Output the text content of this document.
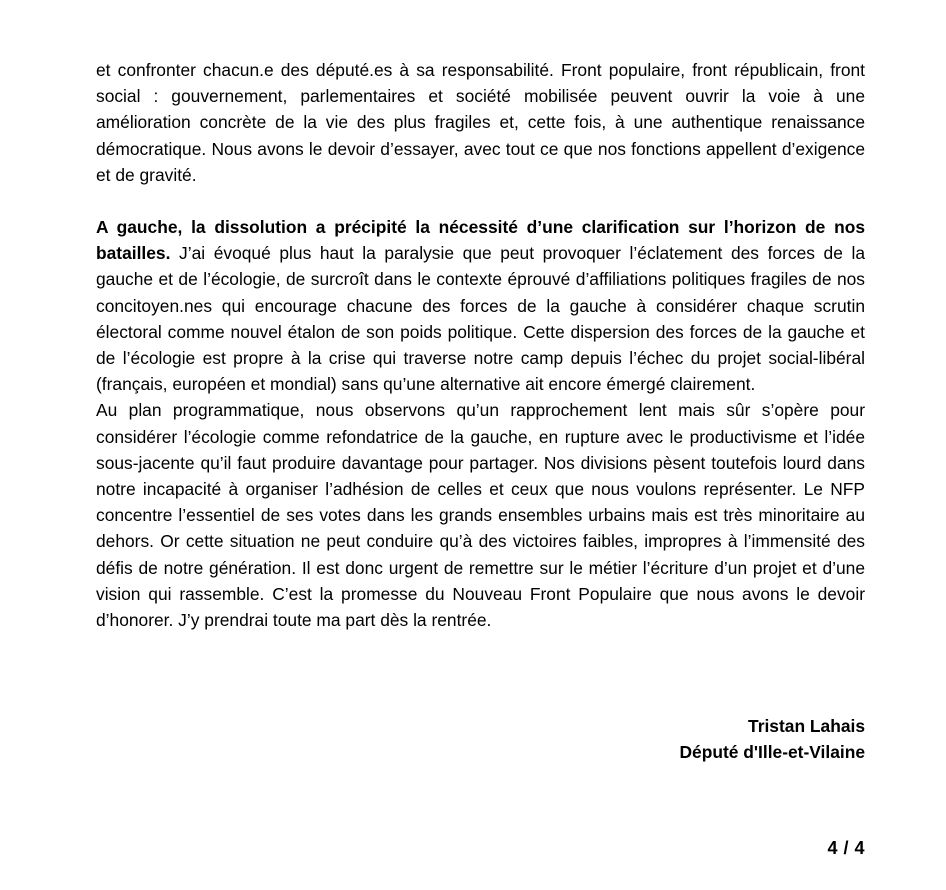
et confronter chacun.e des député.es à sa responsabilité. Front populaire, front républicain, front social : gouvernement, parlementaires et société mobilisée peuvent ouvrir la voie à une amélioration concrète de la vie des plus fragiles et, cette fois, à une authentique renaissance démocratique. Nous avons le devoir d’essayer, avec tout ce que nos fonctions appellent d’exigence et de gravité.

A gauche, la dissolution a précipité la nécessité d’une clarification sur l’horizon de nos batailles. J’ai évoqué plus haut la paralysie que peut provoquer l’éclatement des forces de la gauche et de l’écologie, de surcroît dans le contexte éprouvé d’affiliations politiques fragiles de nos concitoyen.nes qui encourage chacune des forces de la gauche à considérer chaque scrutin électoral comme nouvel étalon de son poids politique. Cette dispersion des forces de la gauche et de l’écologie est propre à la crise qui traverse notre camp depuis l’échec du projet social-libéral (français, européen et mondial) sans qu’une alternative ait encore émergé clairement.

Au plan programmatique, nous observons qu’un rapprochement lent mais sûr s’opère pour considérer l’écologie comme refondatrice de la gauche, en rupture avec le productivisme et l’idée sous-jacente qu’il faut produire davantage pour partager. Nos divisions pèsent toutefois lourd dans notre incapacité à organiser l’adhésion de celles et ceux que nous voulons représenter. Le NFP concentre l’essentiel de ses votes dans les grands ensembles urbains mais est très minoritaire au dehors. Or cette situation ne peut conduire qu’à des victoires faibles, impropres à l’immensité des défis de notre génération. Il est donc urgent de remettre sur le métier l’écriture d’un projet et d’une vision qui rassemble. C’est la promesse du Nouveau Front Populaire que nous avons le devoir d’honorer. J’y prendrai toute ma part dès la rentrée.

Tristan Lahais
Député d'Ille-et-Vilaine
4 / 4
